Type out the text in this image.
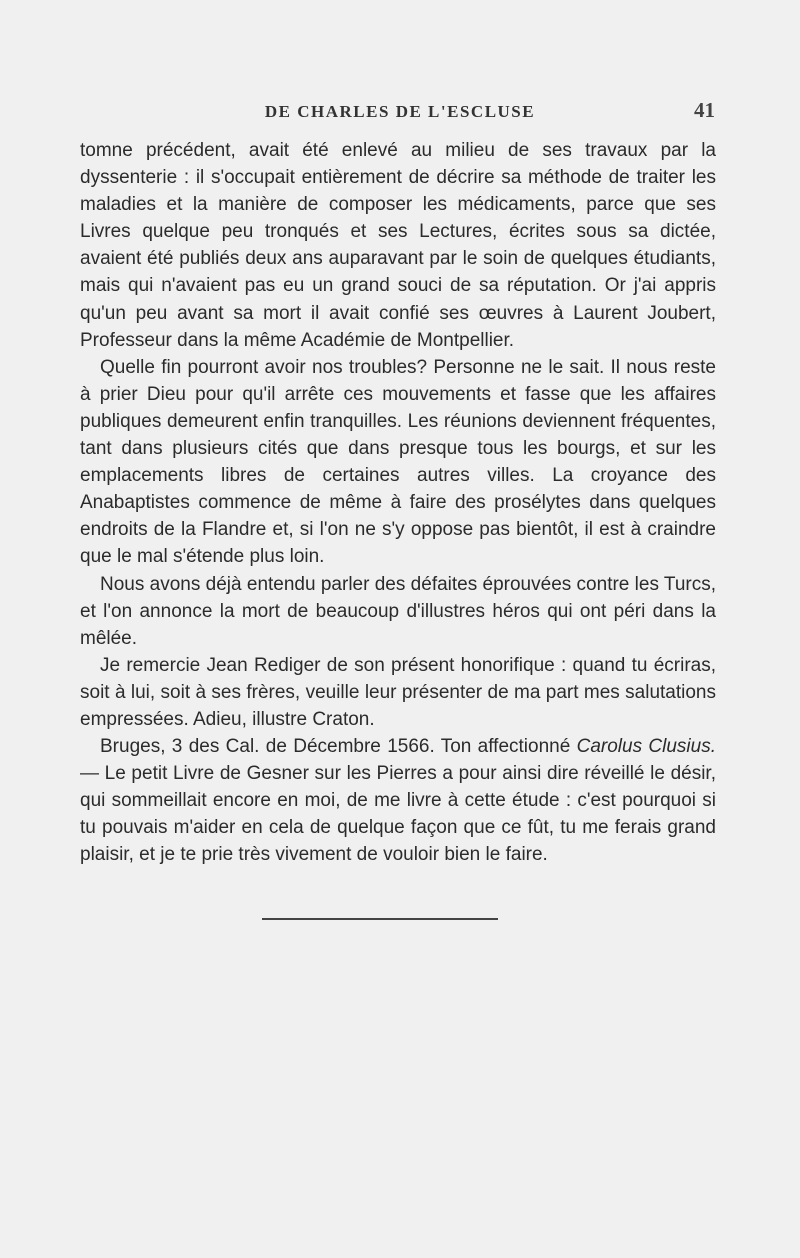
DE CHARLES DE L'ESCLUSE	41

tomne précédent, avait été enlevé au milieu de ses travaux par la dyssenterie : il s'occupait entièrement de décrire sa méthode de traiter les maladies et la manière de composer les médicaments, parce que ses Livres quelque peu tronqués et ses Lectures, écrites sous sa dictée, avaient été publiés deux ans auparavant par le soin de quelques étudiants, mais qui n'avaient pas eu un grand souci de sa réputation. Or j'ai appris qu'un peu avant sa mort il avait confié ses œuvres à Laurent Joubert, Professeur dans la même Académie de Montpellier.

Quelle fin pourront avoir nos troubles? Personne ne le sait. Il nous reste à prier Dieu pour qu'il arrête ces mouvements et fasse que les affaires publiques demeurent enfin tranquilles. Les réunions deviennent fréquentes, tant dans plusieurs cités que dans presque tous les bourgs, et sur les emplacements libres de certaines autres villes. La croyance des Anabaptistes commence de même à faire des prosélytes dans quelques endroits de la Flandre et, si l'on ne s'y oppose pas bientôt, il est à craindre que le mal s'étende plus loin.

Nous avons déjà entendu parler des défaites éprouvées contre les Turcs, et l'on annonce la mort de beaucoup d'illustres héros qui ont péri dans la mêlée.

Je remercie Jean Rediger de son présent honorifique : quand tu écriras, soit à lui, soit à ses frères, veuille leur présenter de ma part mes salutations empressées. Adieu, illustre Craton.

Bruges, 3 des Cal. de Décembre 1566. Ton affectionné Carolus Clusius. — Le petit Livre de Gesner sur les Pierres a pour ainsi dire réveillé le désir, qui sommeillait encore en moi, de me livre à cette étude : c'est pourquoi si tu pouvais m'aider en cela de quelque façon que ce fût, tu me ferais grand plaisir, et je te prie très vivement de vouloir bien le faire.
